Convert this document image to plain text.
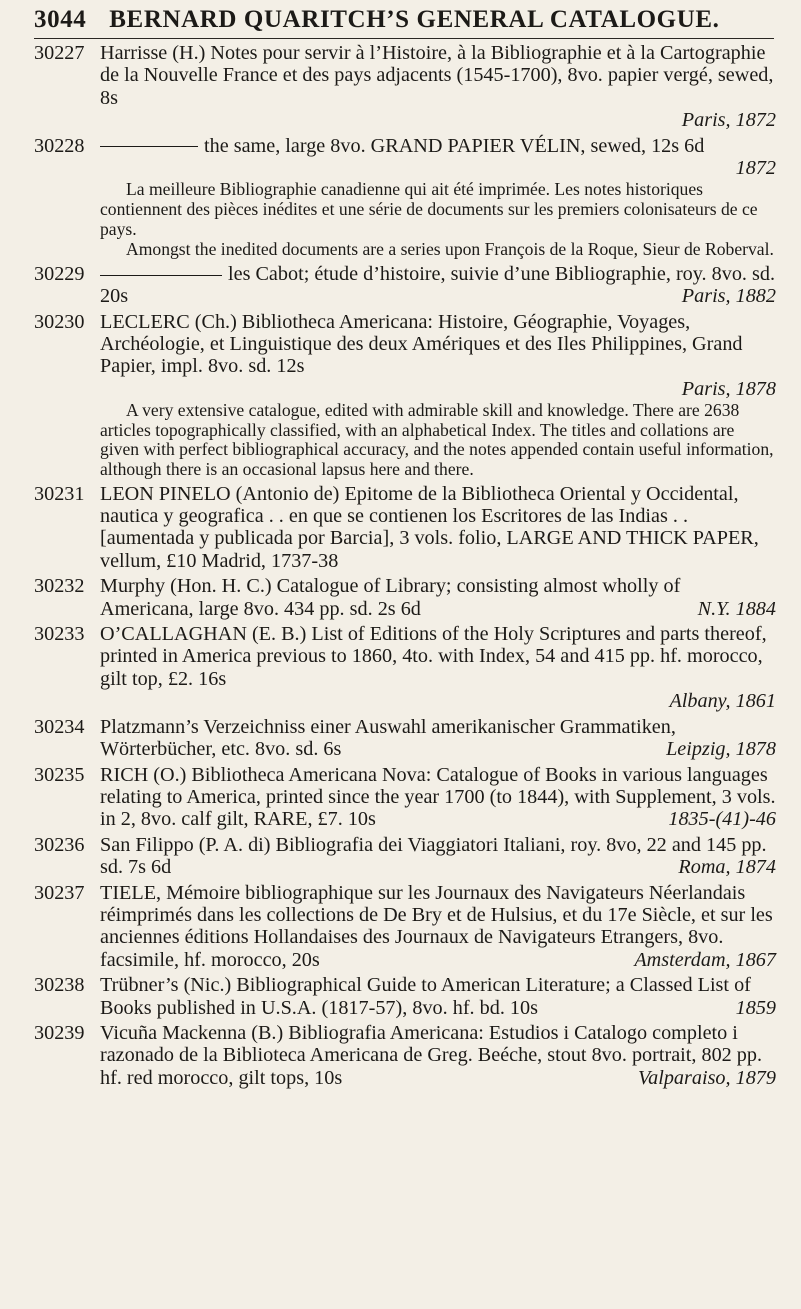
3044 BERNARD QUARITCH’S GENERAL CATALOGUE.
30227 Harrisse (H.) Notes pour servir à l’Histoire, à la Bibliographie et à la Cartographie de la Nouvelle France et des pays adjacents (1545-1700), 8vo. papier vergé, sewed, 8s
Paris, 1872
30228	the same, large 8vo. GRAND PAPIER VÉLIN, sewed, 12s 6d
1872
La meilleure Bibliographie canadienne qui ait été imprimée. Les notes historiques contiennent des pièces inédites et une série de documents sur les premiers colonisateurs de ce pays.
Amongst the inedited documents are a series upon François de la Roque, Sieur de Roberval.
30229	les Cabot; étude d’histoire, suivie d’une Bibliographie, roy. 8vo. sd. 20s	Paris, 1882
30230 LECLERC (Ch.) Bibliotheca Americana: Histoire, Géographie, Voyages, Archéologie, et Linguistique des deux Amériques et des Iles Philippines, Grand Papier, impl. 8vo. sd. 12s
Paris, 1878
A very extensive catalogue, edited with admirable skill and knowledge. There are 2638 articles topographically classified, with an alphabetical Index. The titles and collations are given with perfect bibliographical accuracy, and the notes appended contain useful information, although there is an occasional lapsus here and there.
30231 LEON PINELO (Antonio de) Epitome de la Bibliotheca Oriental y Occidental, nautica y geografica . . en que se contienen los Escritores de las Indias . . [aumentada y publicada por Barcia], 3 vols. folio, LARGE AND THICK PAPER, vellum, £10 Madrid, 1737-38
30232 Murphy (Hon. H. C.) Catalogue of Library; consisting almost wholly of Americana, large 8vo. 434 pp. sd. 2s 6d	N.Y. 1884
30233 O’CALLAGHAN (E. B.) List of Editions of the Holy Scriptures and parts thereof, printed in America previous to 1860, 4to. with Index, 54 and 415 pp. hf. morocco, gilt top, £2. 16s
Albany, 1861
30234 Platzmann’s Verzeichniss einer Auswahl amerikanischer Grammatiken, Wörterbücher, etc. 8vo. sd. 6s	Leipzig, 1878
30235 RICH (O.) Bibliotheca Americana Nova: Catalogue of Books in various languages relating to America, printed since the year 1700 (to 1844), with Supplement, 3 vols. in 2, 8vo. calf gilt, RARE, £7. 10s	1835-(41)-46
30236 San Filippo (P. A. di) Bibliografia dei Viaggiatori Italiani, roy. 8vo, 22 and 145 pp. sd. 7s 6d	Roma, 1874
30237 TIELE, Mémoire bibliographique sur les Journaux des Navigateurs Néerlandais réimprimés dans les collections de De Bry et de Hulsius, et du 17e Siècle, et sur les anciennes éditions Hollandaises des Journaux de Navigateurs Etrangers, 8vo. facsimile, hf. morocco, 20s	Amsterdam, 1867
30238 Trübner’s (Nic.) Bibliographical Guide to American Literature; a Classed List of Books published in U.S.A. (1817-57), 8vo. hf. bd. 10s	1859
30239 Vicuña Mackenna (B.) Bibliografia Americana: Estudios i Catalogo completo i razonado de la Biblioteca Americana de Greg. Beéche, stout 8vo. portrait, 802 pp. hf. red morocco, gilt tops, 10s	Valparaiso, 1879
